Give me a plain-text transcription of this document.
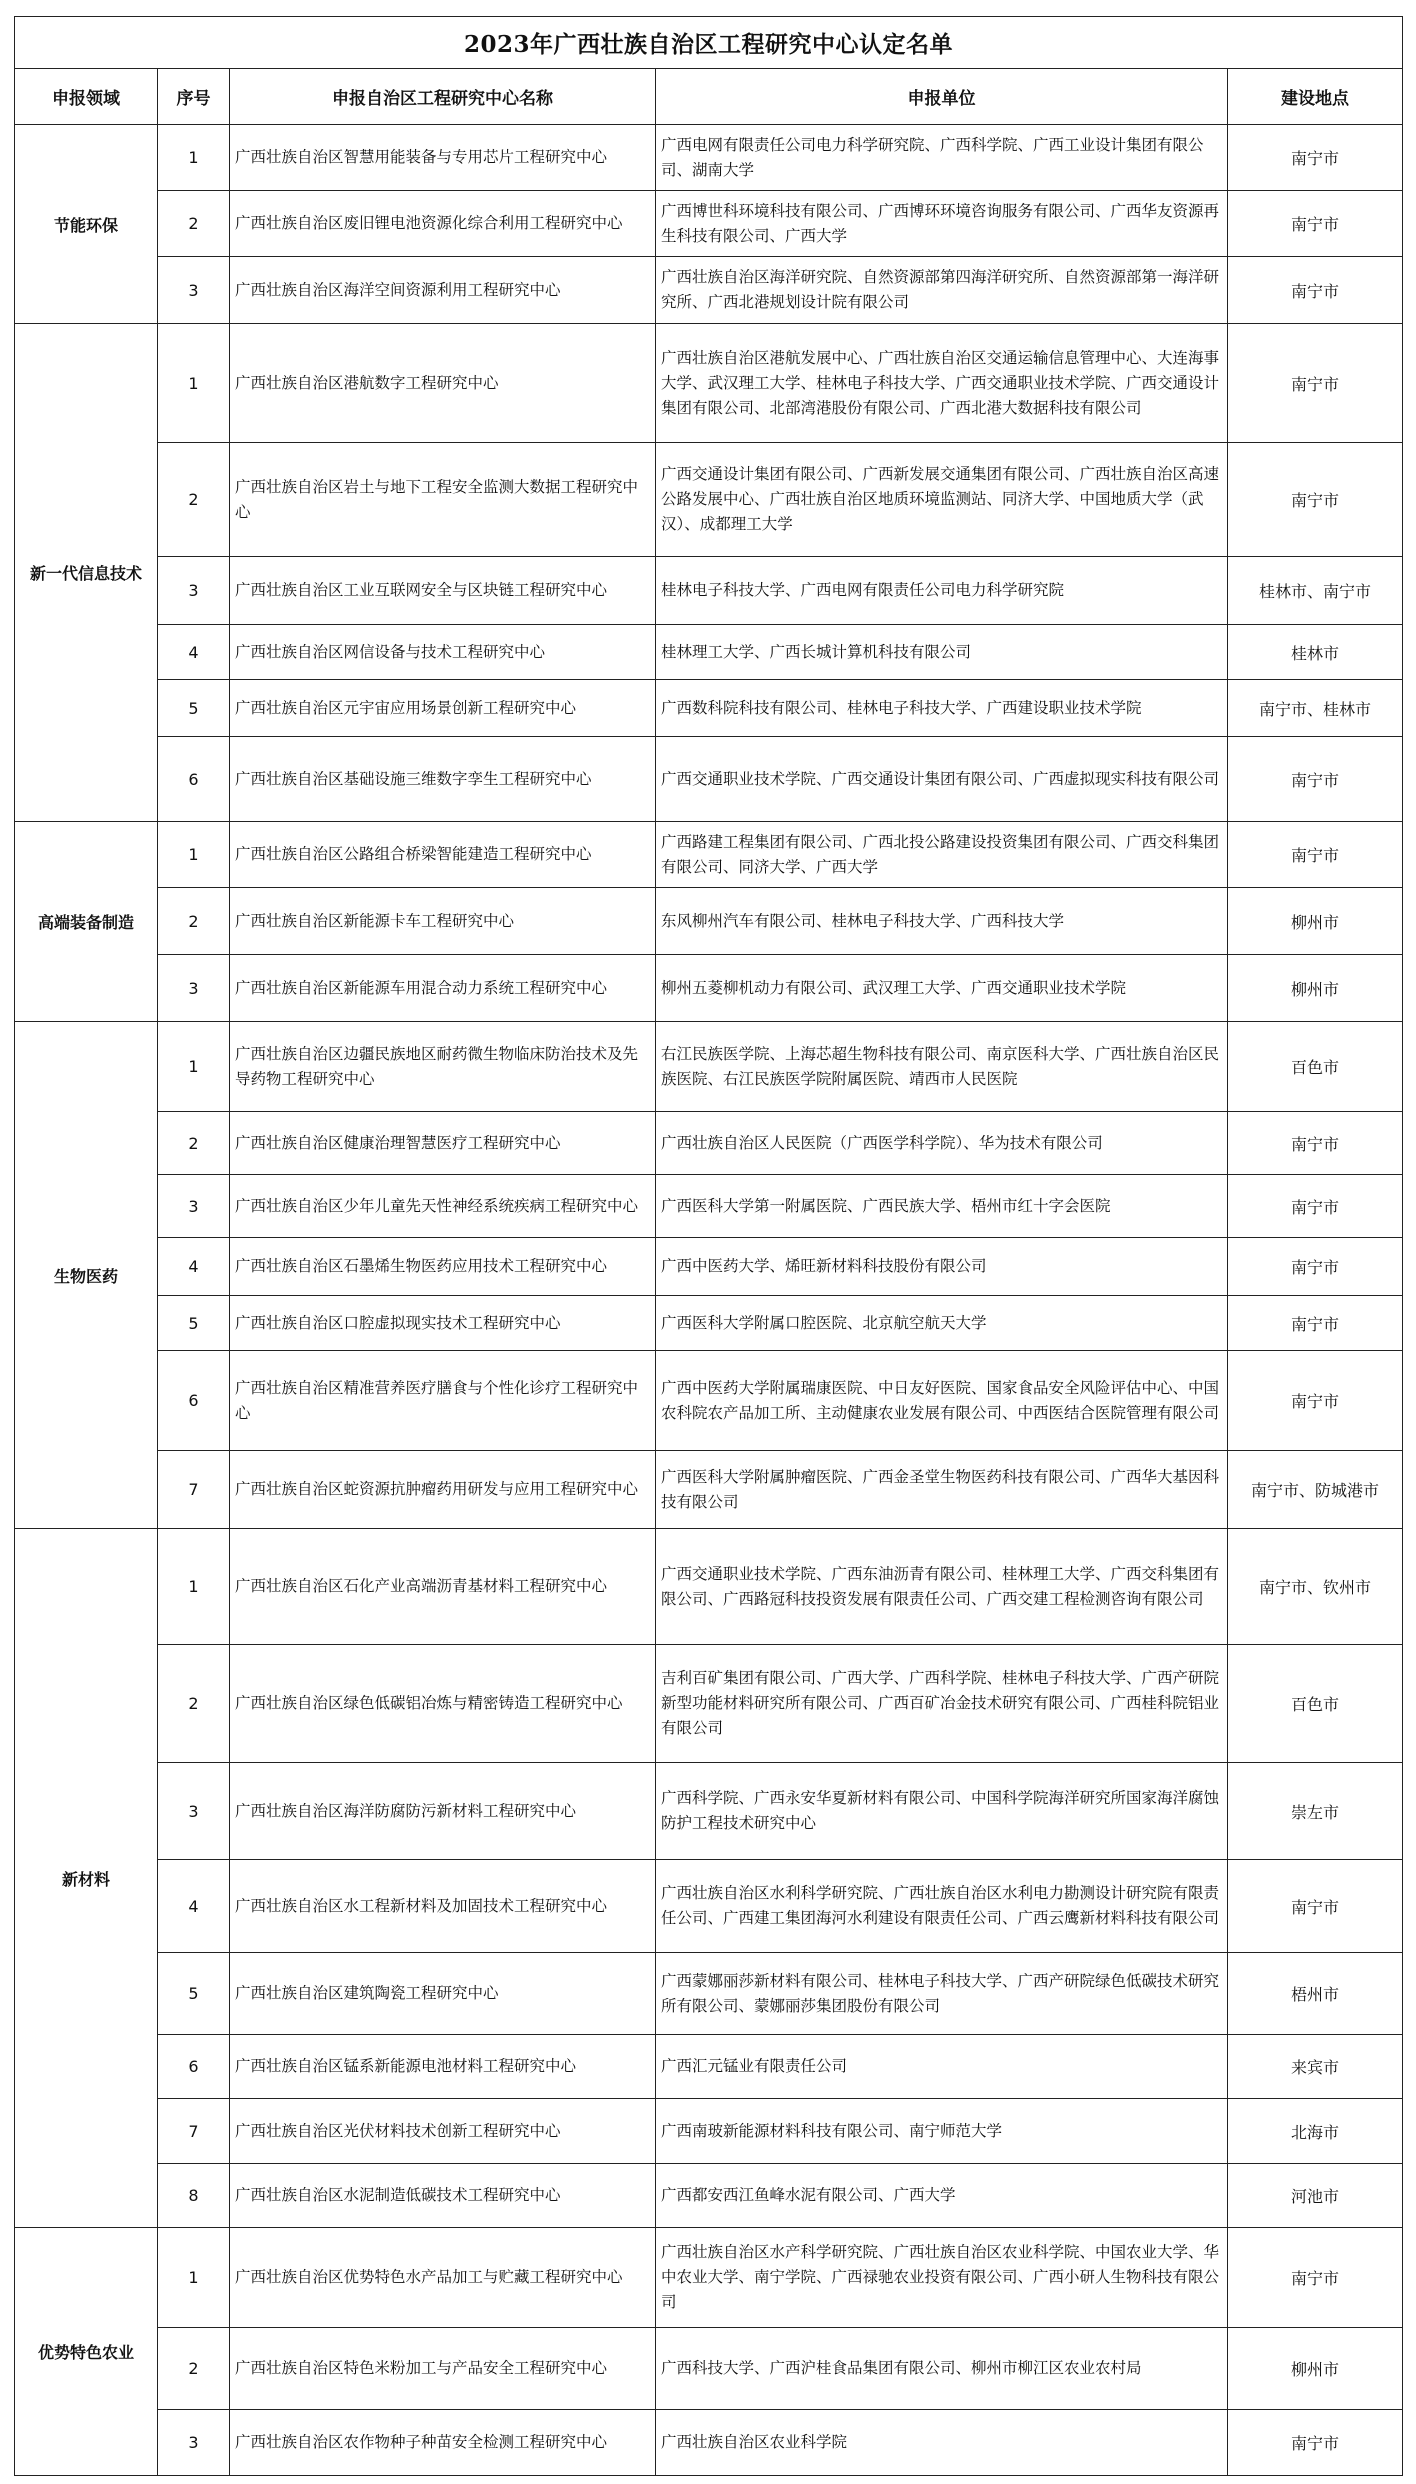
2023年广西壮族自治区工程研究中心认定名单				
申报领域	序号	申报自治区工程研究中心名称	申报单位	建设地点
节能环保	1	广西壮族自治区智慧用能装备与专用芯片工程研究中心	广西电网有限责任公司电力科学研究院、广西科学院、广西工业设计集团有限公司、湖南大学	南宁市
	2	广西壮族自治区废旧锂电池资源化综合利用工程研究中心	广西博世科环境科技有限公司、广西博环环境咨询服务有限公司、广西华友资源再生科技有限公司、广西大学	南宁市
	3	广西壮族自治区海洋空间资源利用工程研究中心	广西壮族自治区海洋研究院、自然资源部第四海洋研究所、自然资源部第一海洋研究所、广西北港规划设计院有限公司	南宁市
新一代信息技术	1	广西壮族自治区港航数字工程研究中心	广西壮族自治区港航发展中心、广西壮族自治区交通运输信息管理中心、大连海事大学、武汉理工大学、桂林电子科技大学、广西交通职业技术学院、广西交通设计集团有限公司、北部湾港股份有限公司、广西北港大数据科技有限公司	南宁市
	2	广西壮族自治区岩土与地下工程安全监测大数据工程研究中心	广西交通设计集团有限公司、广西新发展交通集团有限公司、广西壮族自治区高速公路发展中心、广西壮族自治区地质环境监测站、同济大学、中国地质大学（武汉）、成都理工大学	南宁市
	3	广西壮族自治区工业互联网安全与区块链工程研究中心	桂林电子科技大学、广西电网有限责任公司电力科学研究院	桂林市、南宁市
	4	广西壮族自治区网信设备与技术工程研究中心	桂林理工大学、广西长城计算机科技有限公司	桂林市
	5	广西壮族自治区元宇宙应用场景创新工程研究中心	广西数科院科技有限公司、桂林电子科技大学、广西建设职业技术学院	南宁市、桂林市
	6	广西壮族自治区基础设施三维数字孪生工程研究中心	广西交通职业技术学院、广西交通设计集团有限公司、广西虚拟现实科技有限公司	南宁市
高端装备制造	1	广西壮族自治区公路组合桥梁智能建造工程研究中心	广西路建工程集团有限公司、广西北投公路建设投资集团有限公司、广西交科集团有限公司、同济大学、广西大学	南宁市
	2	广西壮族自治区新能源卡车工程研究中心	东风柳州汽车有限公司、桂林电子科技大学、广西科技大学	柳州市
	3	广西壮族自治区新能源车用混合动力系统工程研究中心	柳州五菱柳机动力有限公司、武汉理工大学、广西交通职业技术学院	柳州市
生物医药	1	广西壮族自治区边疆民族地区耐药微生物临床防治技术及先导药物工程研究中心	右江民族医学院、上海芯超生物科技有限公司、南京医科大学、广西壮族自治区民族医院、右江民族医学院附属医院、靖西市人民医院	百色市
	2	广西壮族自治区健康治理智慧医疗工程研究中心	广西壮族自治区人民医院（广西医学科学院）、华为技术有限公司	南宁市
	3	广西壮族自治区少年儿童先天性神经系统疾病工程研究中心	广西医科大学第一附属医院、广西民族大学、梧州市红十字会医院	南宁市
	4	广西壮族自治区石墨烯生物医药应用技术工程研究中心	广西中医药大学、烯旺新材料科技股份有限公司	南宁市
	5	广西壮族自治区口腔虚拟现实技术工程研究中心	广西医科大学附属口腔医院、北京航空航天大学	南宁市
	6	广西壮族自治区精准营养医疗膳食与个性化诊疗工程研究中心	广西中医药大学附属瑞康医院、中日友好医院、国家食品安全风险评估中心、中国农科院农产品加工所、主动健康农业发展有限公司、中西医结合医院管理有限公司	南宁市
	7	广西壮族自治区蛇资源抗肿瘤药用研发与应用工程研究中心	广西医科大学附属肿瘤医院、广西金圣堂生物医药科技有限公司、广西华大基因科技有限公司	南宁市、防城港市
新材料	1	广西壮族自治区石化产业高端沥青基材料工程研究中心	广西交通职业技术学院、广西东油沥青有限公司、桂林理工大学、广西交科集团有限公司、广西路冠科技投资发展有限责任公司、广西交建工程检测咨询有限公司	南宁市、钦州市
	2	广西壮族自治区绿色低碳铝冶炼与精密铸造工程研究中心	吉利百矿集团有限公司、广西大学、广西科学院、桂林电子科技大学、广西产研院新型功能材料研究所有限公司、广西百矿冶金技术研究有限公司、广西桂科院铝业有限公司	百色市
	3	广西壮族自治区海洋防腐防污新材料工程研究中心	广西科学院、广西永安华夏新材料有限公司、中国科学院海洋研究所国家海洋腐蚀防护工程技术研究中心	崇左市
	4	广西壮族自治区水工程新材料及加固技术工程研究中心	广西壮族自治区水利科学研究院、广西壮族自治区水利电力勘测设计研究院有限责任公司、广西建工集团海河水利建设有限责任公司、广西云鹰新材料科技有限公司	南宁市
	5	广西壮族自治区建筑陶瓷工程研究中心	广西蒙娜丽莎新材料有限公司、桂林电子科技大学、广西产研院绿色低碳技术研究所有限公司、蒙娜丽莎集团股份有限公司	梧州市
	6	广西壮族自治区锰系新能源电池材料工程研究中心	广西汇元锰业有限责任公司	来宾市
	7	广西壮族自治区光伏材料技术创新工程研究中心	广西南玻新能源材料科技有限公司、南宁师范大学	北海市
	8	广西壮族自治区水泥制造低碳技术工程研究中心	广西都安西江鱼峰水泥有限公司、广西大学	河池市
优势特色农业	1	广西壮族自治区优势特色水产品加工与贮藏工程研究中心	广西壮族自治区水产科学研究院、广西壮族自治区农业科学院、中国农业大学、华中农业大学、南宁学院、广西禄驰农业投资有限公司、广西小研人生物科技有限公司	南宁市
	2	广西壮族自治区特色米粉加工与产品安全工程研究中心	广西科技大学、广西沪桂食品集团有限公司、柳州市柳江区农业农村局	柳州市
	3	广西壮族自治区农作物种子种苗安全检测工程研究中心	广西壮族自治区农业科学院	南宁市
